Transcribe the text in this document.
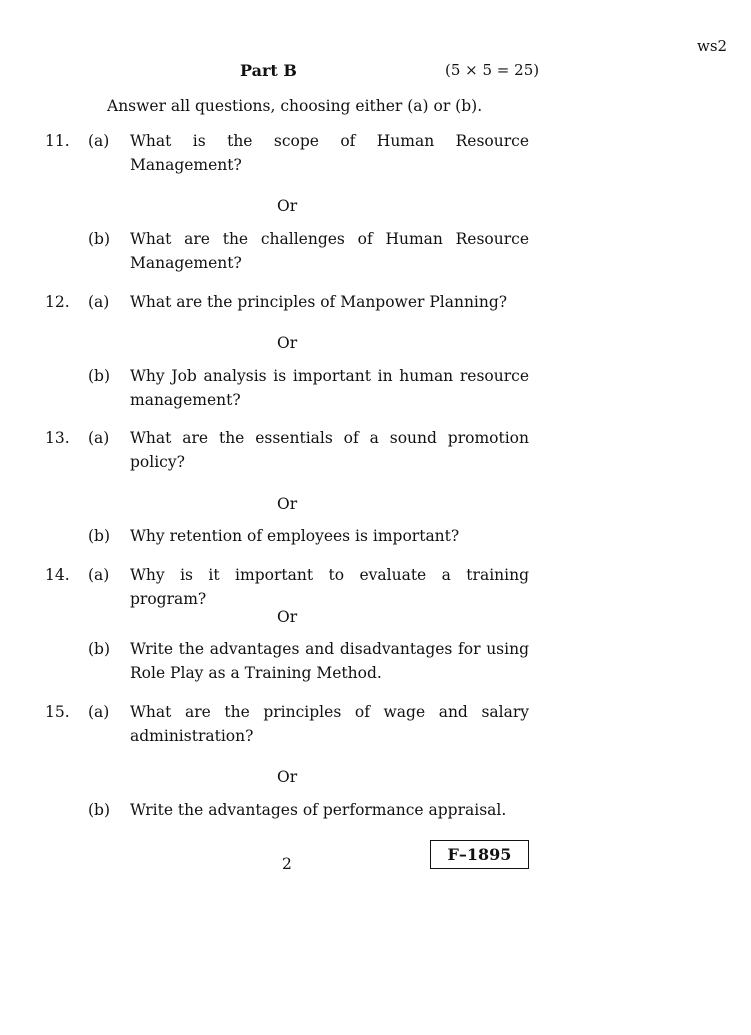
ws2
Part B	(5 × 5 = 25)
Answer all questions, choosing either (a) or (b).
11.	(a)	What is the scope of Human Resource
Management?
Or
(b)	What are the challenges of Human Resource
Management?
12.	(a)	What are the principles of Manpower Planning?
Or
(b)	Why Job analysis is important in human resource
management?
13.	(a)	What are the essentials of a sound promotion
policy?
Or
(b)	Why retention of employees is important?
14.	(a)	Why is it important to evaluate a training program?
Or
(b)	Write the advantages and disadvantages for using
Role Play as a Training Method.
15.	(a)	What are the principles of wage and salary
administration?
Or
(b)	Write the advantages of performance appraisal.
2	F–1895
